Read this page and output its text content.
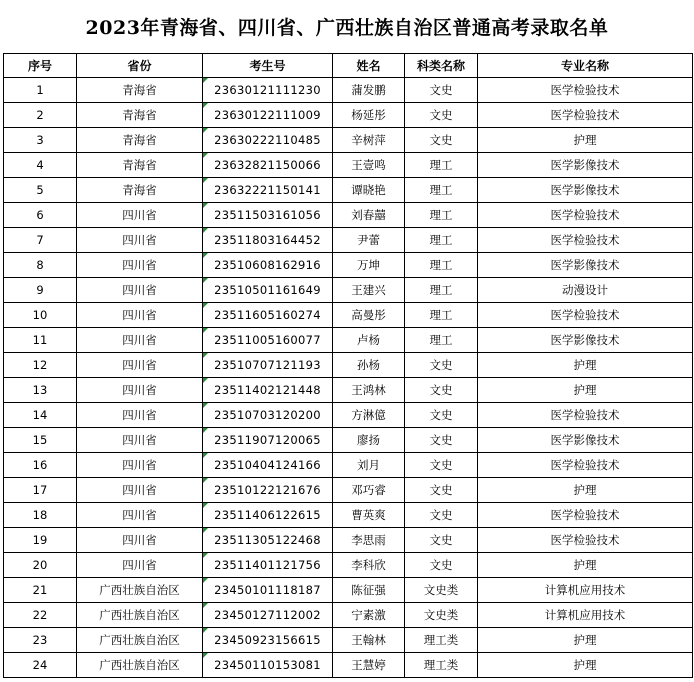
2023年青海省、四川省、广西壮族自治区普通高考录取名单
序号	省份	考生号	姓名	科类名称	专业名称
1	青海省	23630121111230	蒲发鹏	文史	医学检验技术
2	青海省	23630122111009	杨延彤	文史	医学检验技术
3	青海省	23630222110485	辛树萍	文史	护理
4	青海省	23632821150066	王壹鸣	理工	医学影像技术
5	青海省	23632221150141	谭晓艳	理工	医学影像技术
6	四川省	23511503161056	刘春囍	理工	医学检验技术
7	四川省	23511803164452	尹蕾	理工	医学检验技术
8	四川省	23510608162916	万坤	理工	医学影像技术
9	四川省	23510501161649	王建兴	理工	动漫设计
10	四川省	23511605160274	高曼彤	理工	医学检验技术
11	四川省	23511005160077	卢杨	理工	医学影像技术
12	四川省	23510707121193	孙杨	文史	护理
13	四川省	23511402121448	王鸿林	文史	护理
14	四川省	23510703120200	方淋億	文史	医学检验技术
15	四川省	23511907120065	廖扬	文史	医学影像技术
16	四川省	23510404124166	刘月	文史	医学检验技术
17	四川省	23510122121676	邓巧睿	文史	护理
18	四川省	23511406122615	曹英爽	文史	医学检验技术
19	四川省	23511305122468	李思雨	文史	医学检验技术
20	四川省	23511401121756	李科欣	文史	护理
21	广西壮族自治区	23450101118187	陈征强	文史类	计算机应用技术
22	广西壮族自治区	23450127112002	宁素激	文史类	计算机应用技术
23	广西壮族自治区	23450923156615	王翰林	理工类	护理
24	广西壮族自治区	23450110153081	王慧婷	理工类	护理
